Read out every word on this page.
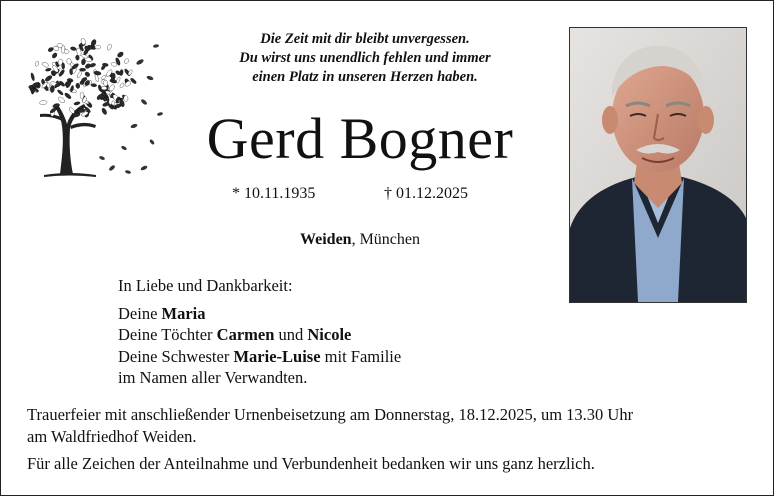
Die Zeit mit dir bleibt unvergessen.
Du wirst uns unendlich fehlen und immer
einen Platz in unseren Herzen haben.
Gerd Bogner
* 10.11.1935	† 01.12.2025
Weiden, München
In Liebe und Dankbarkeit:
Deine Maria
Deine Töchter Carmen und Nicole
Deine Schwester Marie-Luise mit Familie
im Namen aller Verwandten.
Trauerfeier mit anschließender Urnenbeisetzung am Donnerstag, 18.12.2025, um 13.30 Uhr
am Waldfriedhof Weiden.
Für alle Zeichen der Anteilnahme und Verbundenheit bedanken wir uns ganz herzlich.
